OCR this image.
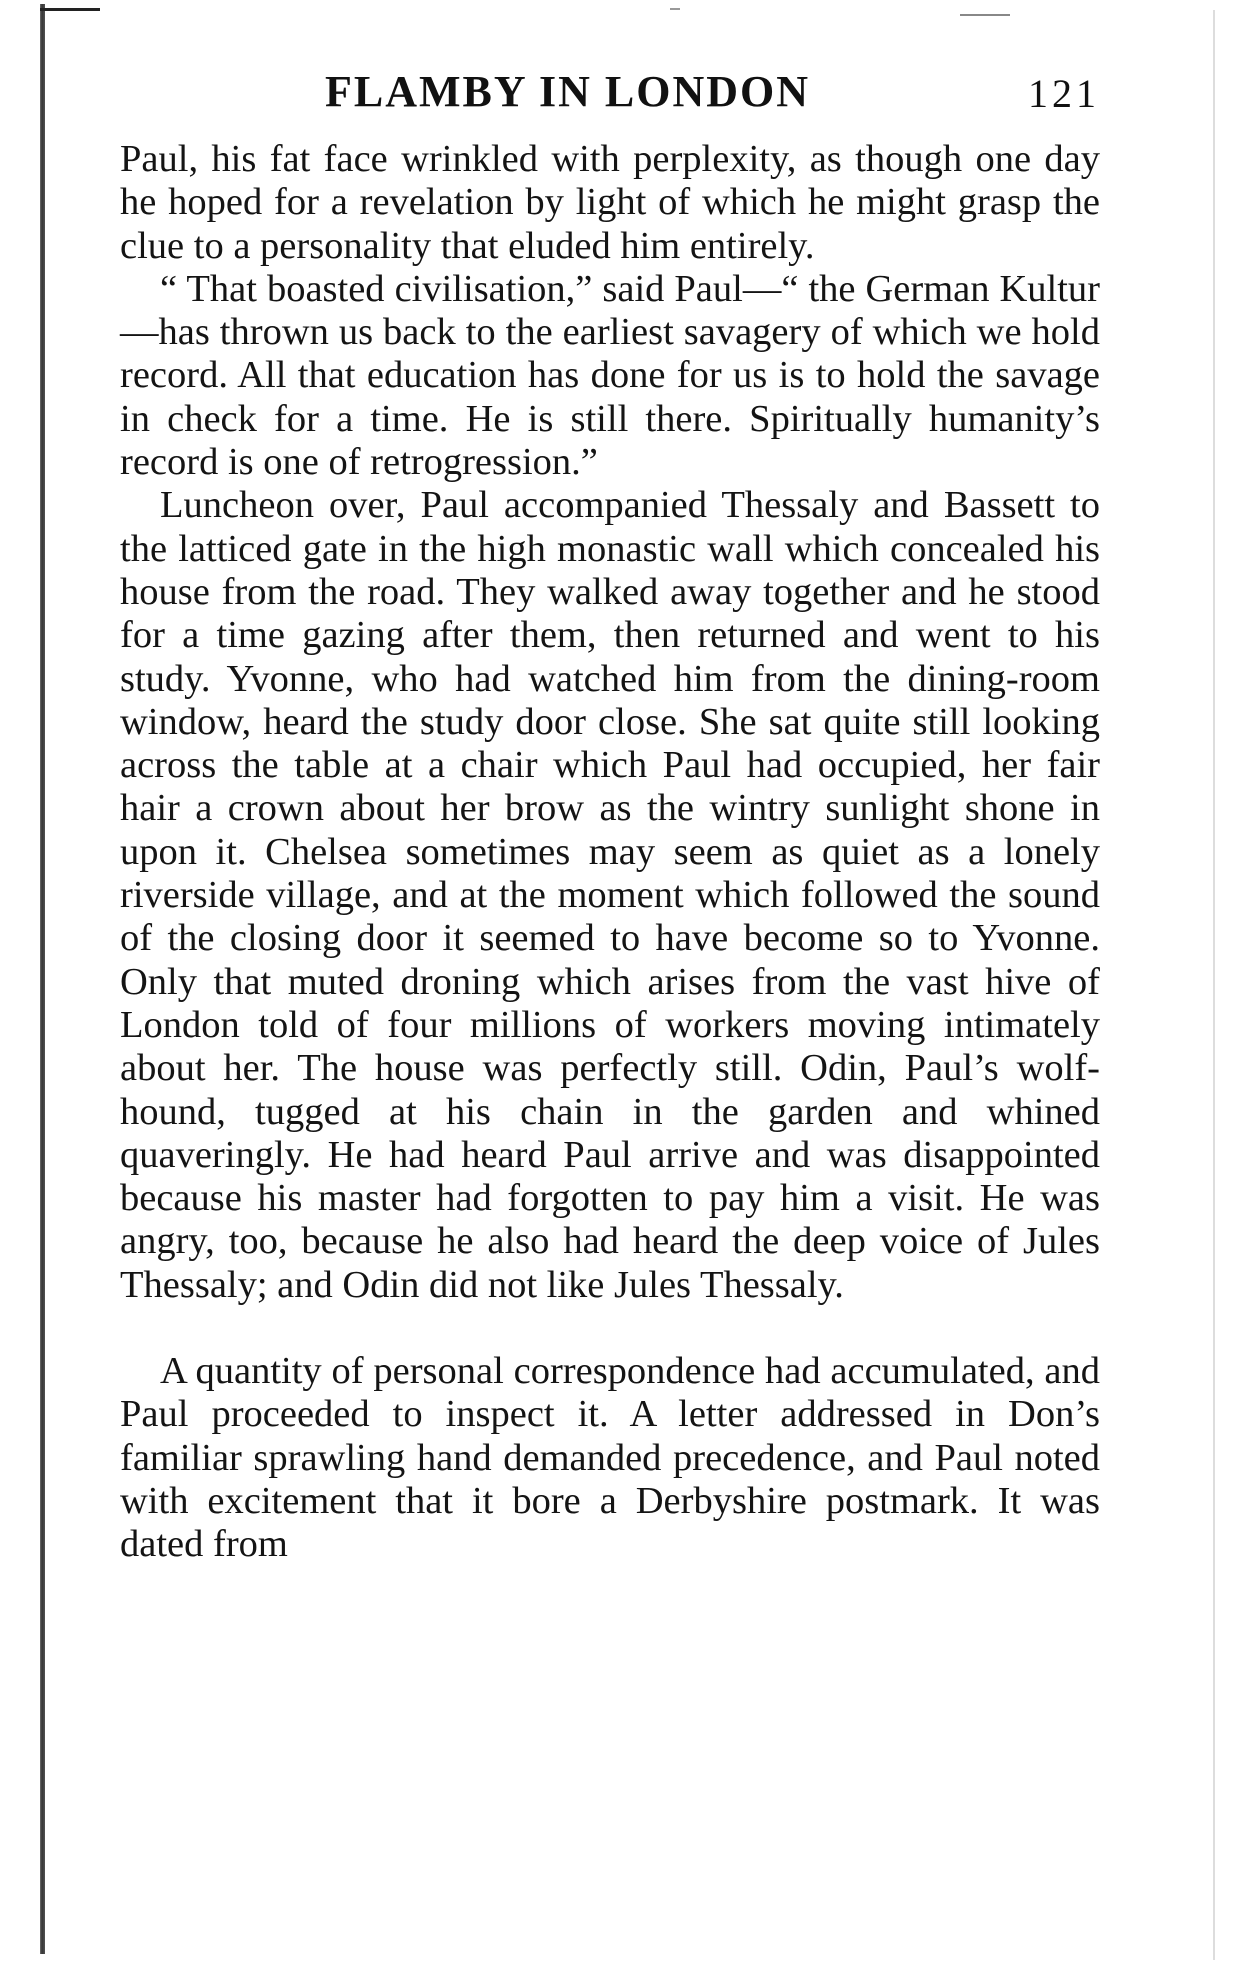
FLAMBY IN LONDON	121

Paul, his fat face wrinkled with perplexity, as though one day he hoped for a revelation by light of which he might grasp the clue to a personality that eluded him entirely.

“ That boasted civilisation,” said Paul—“ the German Kultur—has thrown us back to the earliest savagery of which we hold record. All that education has done for us is to hold the savage in check for a time. He is still there. Spiritually humanity’s record is one of retrogression.”

Luncheon over, Paul accompanied Thessaly and Bassett to the latticed gate in the high monastic wall which concealed his house from the road. They walked away together and he stood for a time gazing after them, then returned and went to his study. Yvonne, who had watched him from the dining-room window, heard the study door close. She sat quite still looking across the table at a chair which Paul had occupied, her fair hair a crown about her brow as the wintry sunlight shone in upon it. Chelsea sometimes may seem as quiet as a lonely riverside village, and at the moment which followed the sound of the closing door it seemed to have become so to Yvonne. Only that muted droning which arises from the vast hive of London told of four millions of workers moving intimately about her. The house was perfectly still. Odin, Paul’s wolf-hound, tugged at his chain in the garden and whined quaveringly. He had heard Paul arrive and was disappointed because his master had forgotten to pay him a visit. He was angry, too, because he also had heard the deep voice of Jules Thessaly; and Odin did not like Jules Thessaly.

A quantity of personal correspondence had accumulated, and Paul proceeded to inspect it. A letter addressed in Don’s familiar sprawling hand demanded precedence, and Paul noted with excitement that it bore a Derbyshire postmark. It was dated from
